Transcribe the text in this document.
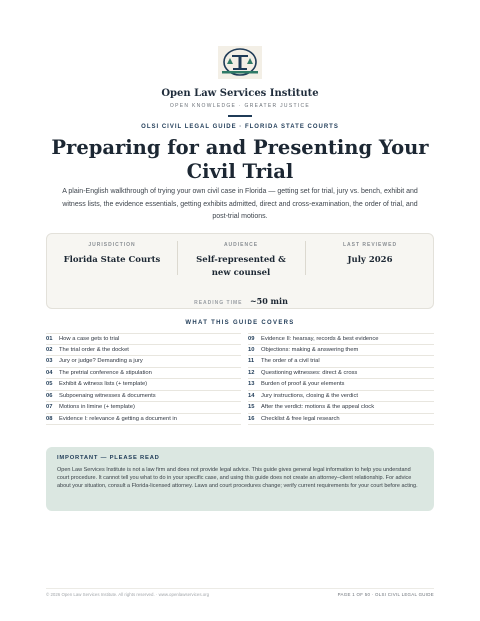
Open Law Services Institute
OPEN KNOWLEDGE · GREATER JUSTICE
OLSI CIVIL LEGAL GUIDE · FLORIDA STATE COURTS
Preparing for and Presenting Your Civil Trial
A plain-English walkthrough of trying your own civil case in Florida — getting set for trial, jury vs. bench, exhibit and witness lists, the evidence essentials, getting exhibits admitted, direct and cross-examination, the order of trial, and post-trial motions.
JURISDICTION
Florida State Courts
AUDIENCE
Self-represented & new counsel
LAST REVIEWED
July 2026
READING TIME ~50 min
WHAT THIS GUIDE COVERS
01	How a case gets to trial
02	The trial order & the docket
03	Jury or judge? Demanding a jury
04	The pretrial conference & stipulation
05	Exhibit & witness lists (+ template)
06	Subpoenaing witnesses & documents
07	Motions in limine (+ template)
08	Evidence I: relevance & getting a document in
09	Evidence II: hearsay, records & best evidence
10	Objections: making & answering them
11	The order of a civil trial
12	Questioning witnesses: direct & cross
13	Burden of proof & your elements
14	Jury instructions, closing & the verdict
15	After the verdict: motions & the appeal clock
16	Checklist & free legal research
IMPORTANT — PLEASE READ
Open Law Services Institute is not a law firm and does not provide legal advice. This guide gives general legal information to help you understand court procedure. It cannot tell you what to do in your specific case, and using this guide does not create an attorney–client relationship. For advice about your situation, consult a Florida-licensed attorney. Laws and court procedures change; verify current requirements for your court before acting.
© 2026 Open Law Services Institute. All rights reserved. · www.openlawservices.org	PAGE 1 OF 50 · OLSI CIVIL LEGAL GUIDE
